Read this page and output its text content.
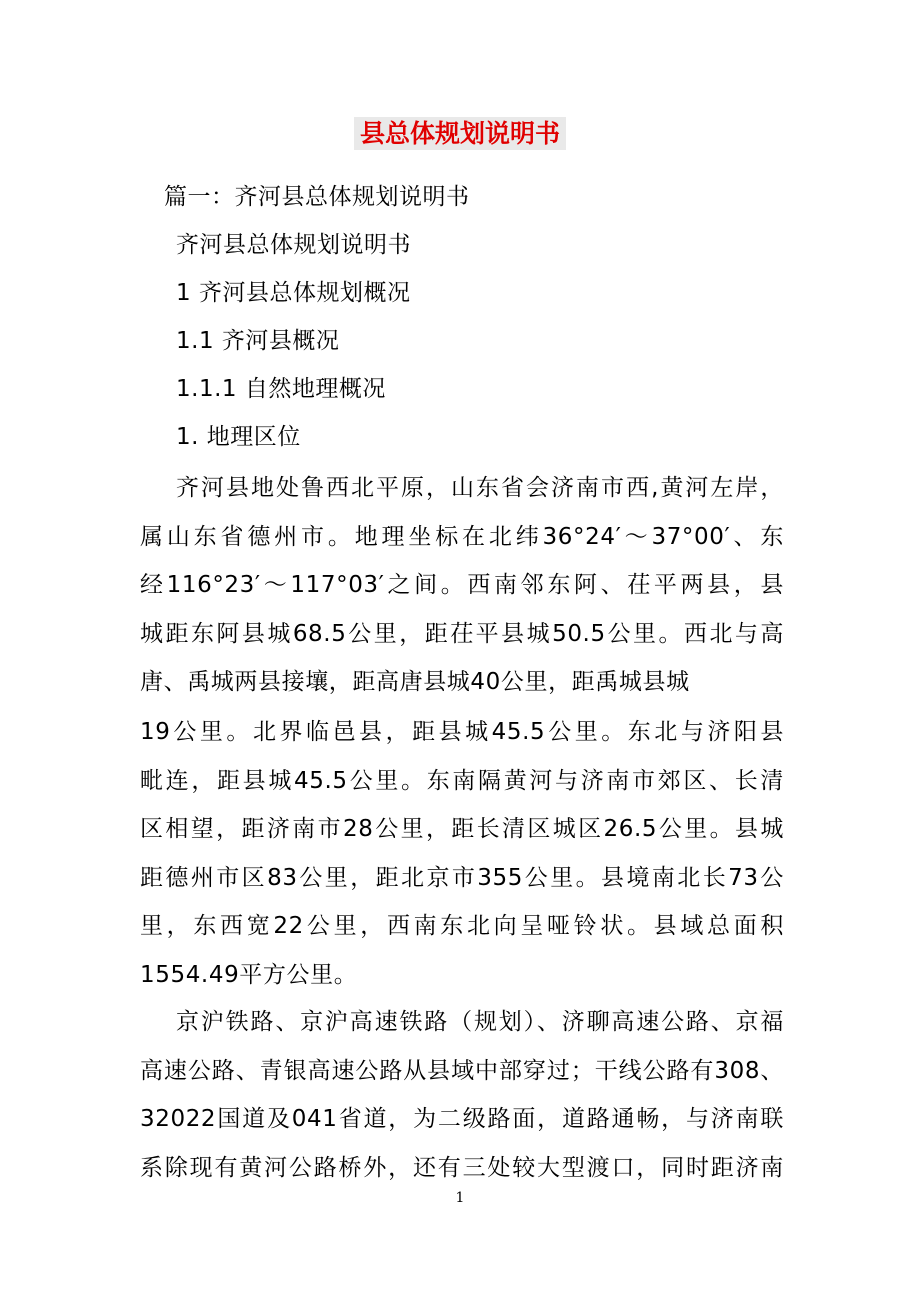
县总体规划说明书
篇一：齐河县总体规划说明书
齐河县总体规划说明书
1 齐河县总体规划概况
1.1 齐河县概况
1.1.1 自然地理概况
1. 地理区位
齐河县地处鲁西北平原，山东省会济南市西,黄河左岸，
属山东省德州市。地理坐标在北纬36°24′～37°00′、东
经116°23′～117°03′之间。西南邻东阿、茌平两县，县
城距东阿县城68.5公里，距茌平县城50.5公里。西北与高
唐、禹城两县接壤，距高唐县城40公里，距禹城县城
19公里。北界临邑县，距县城45.5公里。东北与济阳县
毗连，距县城45.5公里。东南隔黄河与济南市郊区、长清
区相望，距济南市28公里，距长清区城区26.5公里。县城
距德州市区83公里，距北京市355公里。县境南北长73公
里，东西宽22公里，西南东北向呈哑铃状。县域总面积
1554.49平方公里。
京沪铁路、京沪高速铁路（规划）、济聊高速公路、京福
高速公路、青银高速公路从县域中部穿过；干线公路有308、
32022国道及041省道，为二级路面，道路通畅，与济南联
系除现有黄河公路桥外，还有三处较大型渡口，同时距济南
1
